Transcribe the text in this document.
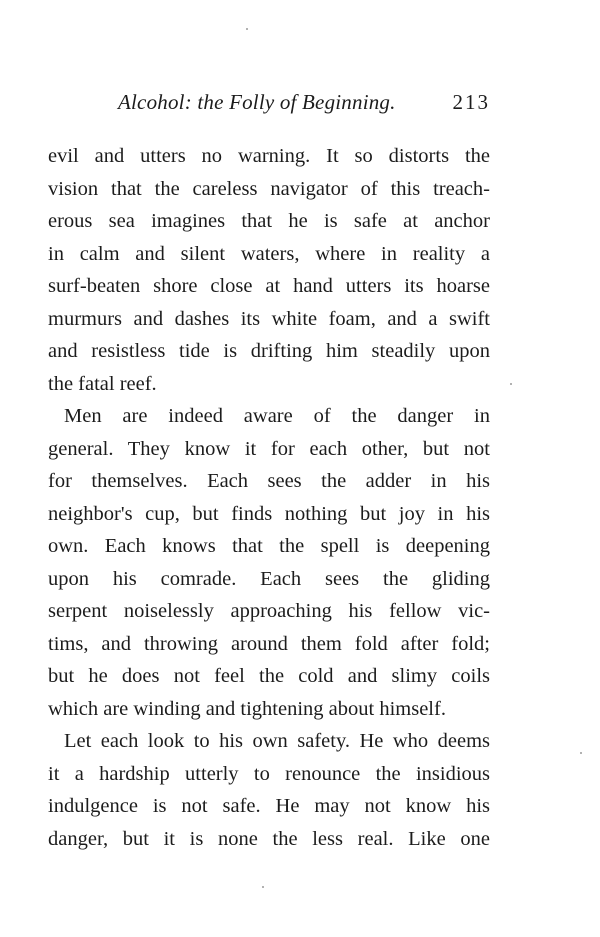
Alcohol: the Folly of Beginning.	213
evil and utters no warning. It so distorts the
vision that the careless navigator of this treach-
erous sea imagines that he is safe at anchor
in calm and silent waters, where in reality a
surf-beaten shore close at hand utters its hoarse
murmurs and dashes its white foam, and a swift
and resistless tide is drifting him steadily upon
the fatal reef.
Men are indeed aware of the danger in
general. They know it for each other, but not
for themselves. Each sees the adder in his
neighbor's cup, but finds nothing but joy in his
own. Each knows that the spell is deepening
upon his comrade. Each sees the gliding
serpent noiselessly approaching his fellow vic-
tims, and throwing around them fold after fold;
but he does not feel the cold and slimy coils
which are winding and tightening about himself.
Let each look to his own safety. He who deems
it a hardship utterly to renounce the insidious
indulgence is not safe. He may not know his
danger, but it is none the less real. Like one
